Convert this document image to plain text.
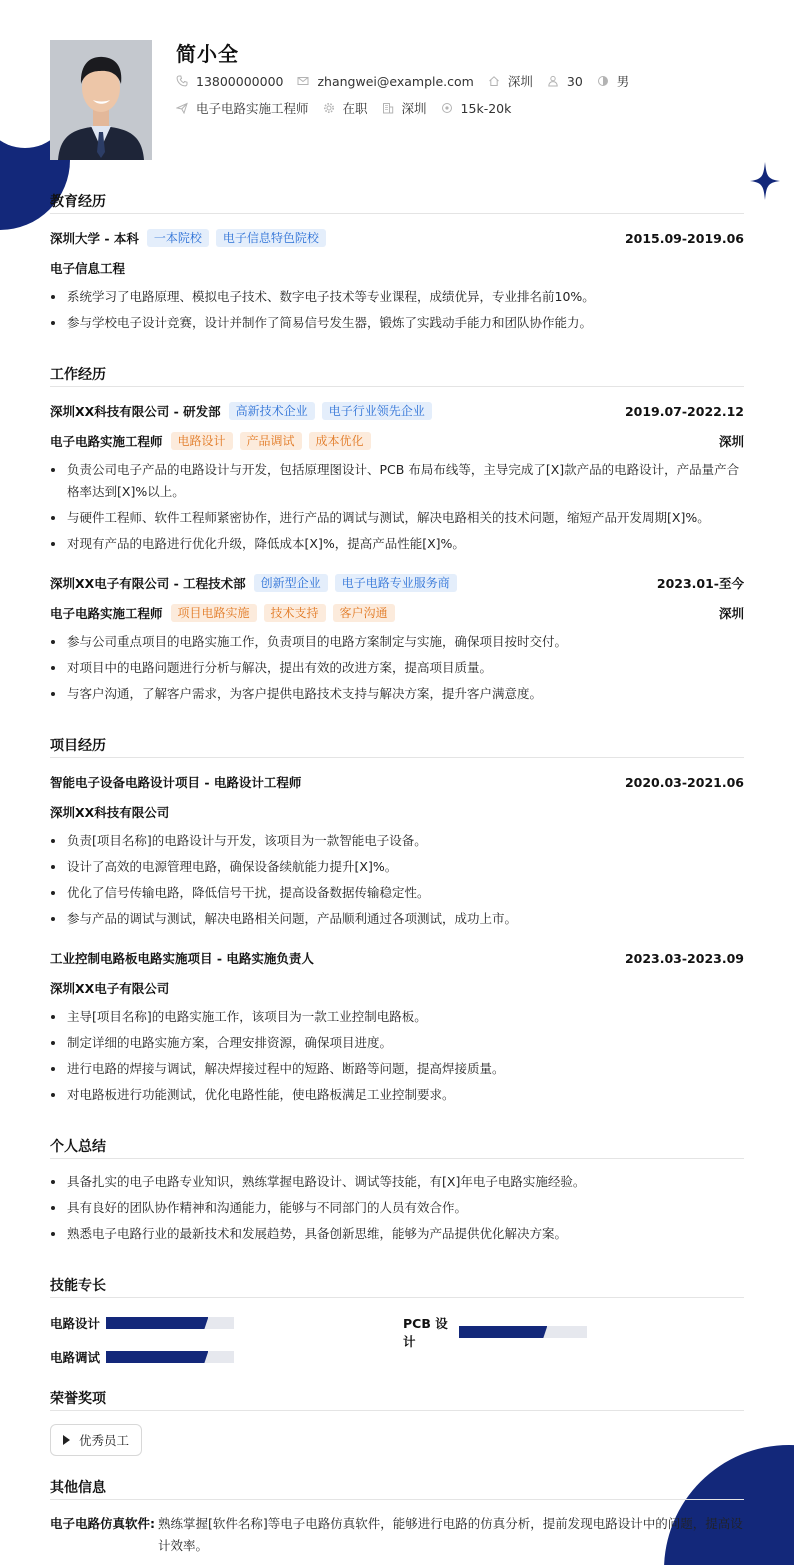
简小全
13800000000	zhangwei@example.com	深圳	30	男
电子电路实施工程师	在职	深圳	15k-20k
教育经历
深圳大学 - 本科	一本院校	电子信息特色院校	2015.09-2019.06
电子信息工程
系统学习了电路原理、模拟电子技术、数字电子技术等专业课程，成绩优异，专业排名前10%。
参与学校电子设计竞赛，设计并制作了简易信号发生器，锻炼了实践动手能力和团队协作能力。
工作经历
深圳XX科技有限公司 - 研发部	高新技术企业	电子行业领先企业	2019.07-2022.12
电子电路实施工程师	电路设计	产品调试	成本优化	深圳
负责公司电子产品的电路设计与开发，包括原理图设计、PCB 布局布线等，主导完成了[X]款产品的电路设计，产品量产合格率达到[X]%以上。
与硬件工程师、软件工程师紧密协作，进行产品的调试与测试，解决电路相关的技术问题，缩短产品开发周期[X]%。
对现有产品的电路进行优化升级，降低成本[X]%，提高产品性能[X]%。
深圳XX电子有限公司 - 工程技术部	创新型企业	电子电路专业服务商	2023.01-至今
电子电路实施工程师	项目电路实施	技术支持	客户沟通	深圳
参与公司重点项目的电路实施工作，负责项目的电路方案制定与实施，确保项目按时交付。
对项目中的电路问题进行分析与解决，提出有效的改进方案，提高项目质量。
与客户沟通，了解客户需求，为客户提供电路技术支持与解决方案，提升客户满意度。
项目经历
智能电子设备电路设计项目 - 电路设计工程师	2020.03-2021.06
深圳XX科技有限公司
负责[项目名称]的电路设计与开发，该项目为一款智能电子设备。
设计了高效的电源管理电路，确保设备续航能力提升[X]%。
优化了信号传输电路，降低信号干扰，提高设备数据传输稳定性。
参与产品的调试与测试，解决电路相关问题，产品顺利通过各项测试，成功上市。
工业控制电路板电路实施项目 - 电路实施负责人	2023.03-2023.09
深圳XX电子有限公司
主导[项目名称]的电路实施工作，该项目为一款工业控制电路板。
制定详细的电路实施方案，合理安排资源，确保项目进度。
进行电路的焊接与调试，解决焊接过程中的短路、断路等问题，提高焊接质量。
对电路板进行功能测试，优化电路性能，使电路板满足工业控制要求。
个人总结
具备扎实的电子电路专业知识，熟练掌握电路设计、调试等技能，有[X]年电子电路实施经验。
具有良好的团队协作精神和沟通能力，能够与不同部门的人员有效合作。
熟悉电子电路行业的最新技术和发展趋势，具备创新思维，能够为产品提供优化解决方案。
技能专长
电路设计	PCB 设计
电路调试
荣誉奖项
优秀员工
其他信息
电子电路仿真软件: 熟练掌握[软件名称]等电子电路仿真软件，能够进行电路的仿真分析，提前发现电路设计中的问题，提高设计效率。
